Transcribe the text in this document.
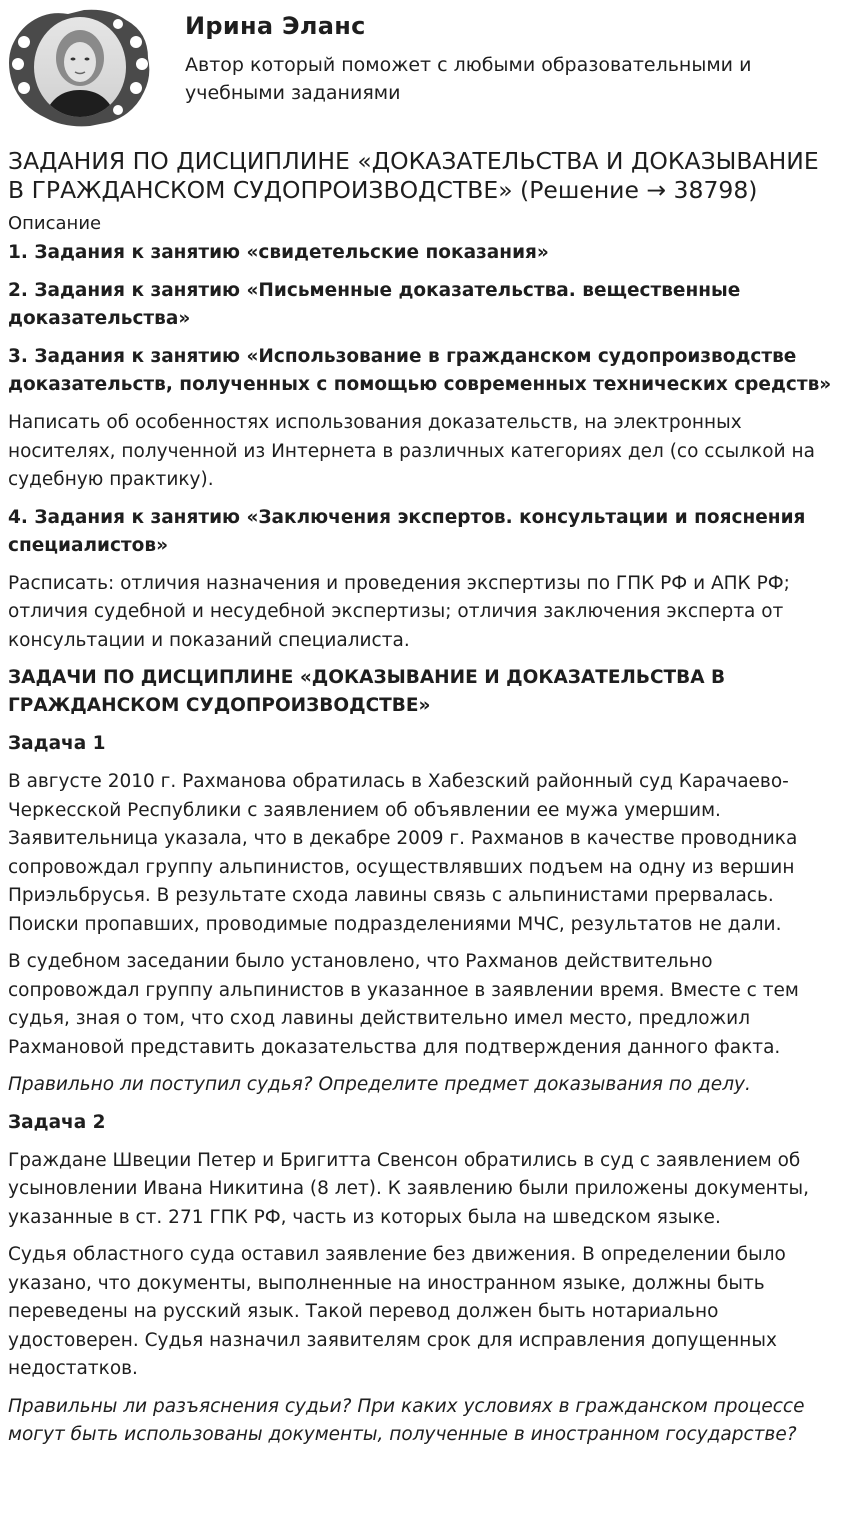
Ирина Эланс

Автор который поможет с любыми образовательными и учебными заданиями

ЗАДАНИЯ ПО ДИСЦИПЛИНЕ «ДОКАЗАТЕЛЬСТВА И ДОКАЗЫВАНИЕ В ГРАЖДАНСКОМ СУДОПРОИЗВОДСТВЕ» (Решение → 38798)
Описание
1. Задания к занятию «свидетельские показания»
2. Задания к занятию «Письменные доказательства. вещественные доказательства»
3. Задания к занятию «Использование в гражданском судопроизводстве доказательств, полученных с помощью современных технических средств»

Написать об особенностях использования доказательств, на электронных носителях, полученной из Интернета в различных категориях дел (со ссылкой на судебную практику).

4. Задания к занятию «Заключения экспертов. консультации и пояснения специалистов»

Расписать: отличия назначения и проведения экспертизы по ГПК РФ и АПК РФ; отличия судебной и несудебной экспертизы; отличия заключения эксперта от консультации и показаний специалиста.

ЗАДАЧИ ПО ДИСЦИПЛИНЕ «ДОКАЗЫВАНИЕ И ДОКАЗАТЕЛЬСТВА В ГРАЖДАНСКОМ СУДОПРОИЗВОДСТВЕ»
Задача 1

В августе 2010 г. Рахманова обратилась в Хабезский районный суд Карачаево-Черкесской Республики с заявлением об объявлении ее мужа умершим. Заявительница указала, что в декабре 2009 г. Рахманов в качестве проводника сопровождал группу альпинистов, осуществлявших подъем на одну из вершин Приэльбрусья. В результате схода лавины связь с альпинистами прервалась. Поиски пропавших, проводимые подразделениями МЧС, результатов не дали.

В судебном заседании было установлено, что Рахманов действительно сопровождал группу альпинистов в указанное в заявлении время. Вместе с тем судья, зная о том, что сход лавины действительно имел место, предложил Рахмановой представить доказательства для подтверждения данного факта.

Правильно ли поступил судья? Определите предмет доказывания по делу.

Задача 2

Граждане Швеции Петер и Бригитта Свенсон обратились в суд с заявлением об усыновлении Ивана Никитина (8 лет). К заявлению были приложены документы, указанные в ст. 271 ГПК РФ, часть из которых была на шведском языке.

Судья областного суда оставил заявление без движения. В определении было указано, что документы, выполненные на иностранном языке, должны быть переведены на русский язык. Такой перевод должен быть нотариально удостоверен. Судья назначил заявителям срок для исправления допущенных недостатков.

Правильны ли разъяснения судьи? При каких условиях в гражданском процессе могут быть использованы документы, полученные в иностранном государстве?
